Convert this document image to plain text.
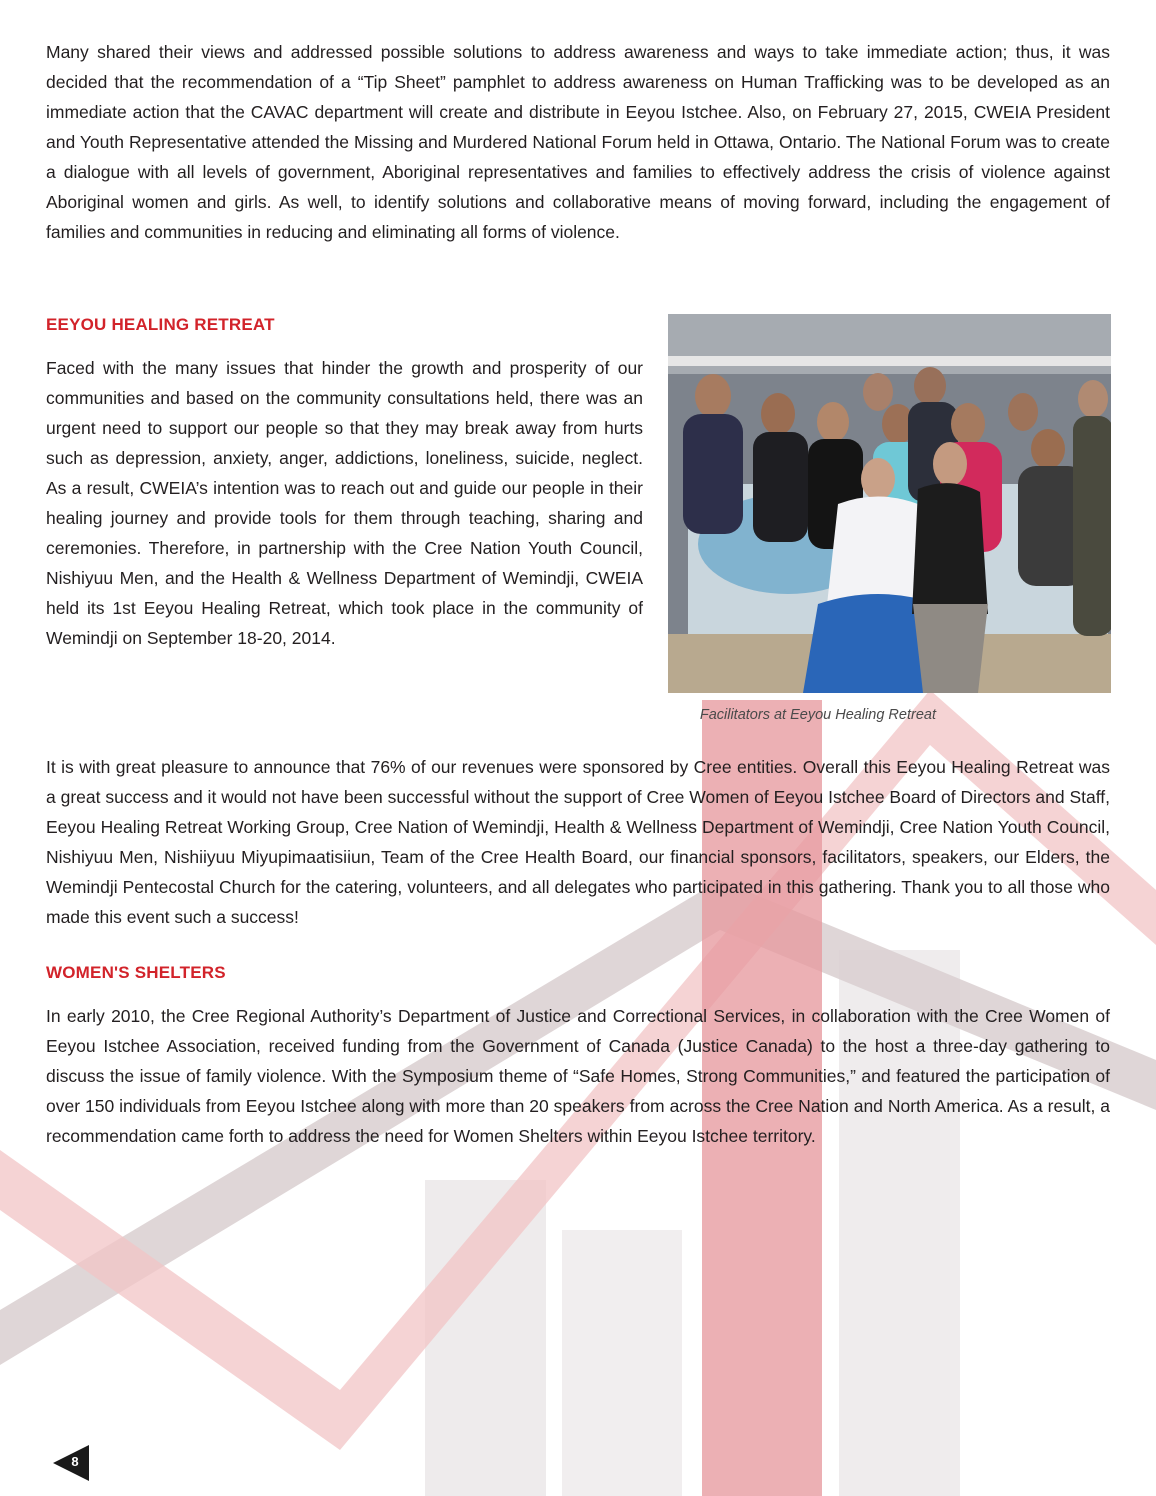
Many shared their views and addressed possible solutions to address awareness and ways to take immediate action; thus, it was decided that the recommendation of a “Tip Sheet” pamphlet to address awareness on Human Trafficking was to be developed as an immediate action that the CAVAC department will create and distribute in Eeyou Istchee. Also, on February 27, 2015, CWEIA President and Youth Representative attended the Missing and Murdered National Forum held in Ottawa, Ontario. The National Forum was to create a dialogue with all levels of government, Aboriginal representatives and families to effectively address the crisis of violence against Aboriginal women and girls. As well, to identify solutions and collaborative means of moving forward, including the engagement of families and communities in reducing and eliminating all forms of violence.

EEYOU HEALING RETREAT

Faced with the many issues that hinder the growth and prosperity of our communities and based on the community consultations held, there was an urgent need to support our people so that they may break away from hurts such as depression, anxiety, anger, addictions, loneliness, suicide, neglect. As a result, CWEIA’s intention was to reach out and guide our people in their healing journey and provide tools for them through teaching, sharing and ceremonies. Therefore, in partnership with the Cree Nation Youth Council, Nishiyuu Men, and the Health & Wellness Department of Wemindji, CWEIA held its 1st Eeyou Healing Retreat, which took place in the community of Wemindji on September 18-20, 2014.

Facilitators at Eeyou Healing Retreat

It is with great pleasure to announce that 76% of our revenues were sponsored by Cree entities. Overall this Eeyou Healing Retreat was a great success and it would not have been successful without the support of Cree Women of Eeyou Istchee Board of Directors and Staff, Eeyou Healing Retreat Working Group, Cree Nation of Wemindji, Health & Wellness Department of Wemindji, Cree Nation Youth Council, Nishiyuu Men, Nishiiyuu Miyupimaatisiiun, Team of the Cree Health Board, our financial sponsors, facilitators, speakers, our Elders, the Wemindji Pentecostal Church for the catering, volunteers, and all delegates who participated in this gathering. Thank you to all those who made this event such a success!

WOMEN'S SHELTERS

In early 2010, the Cree Regional Authority’s Department of Justice and Correctional Services, in collaboration with the Cree Women of Eeyou Istchee Association, received funding from the Government of Canada (Justice Canada) to the host a three-day gathering to discuss the issue of family violence. With the Symposium theme of “Safe Homes, Strong Communities,” and featured the participation of over 150 individuals from Eeyou Istchee along with more than 20 speakers from across the Cree Nation and North America. As a result, a recommendation came forth to address the need for Women Shelters within Eeyou Istchee territory.

8
